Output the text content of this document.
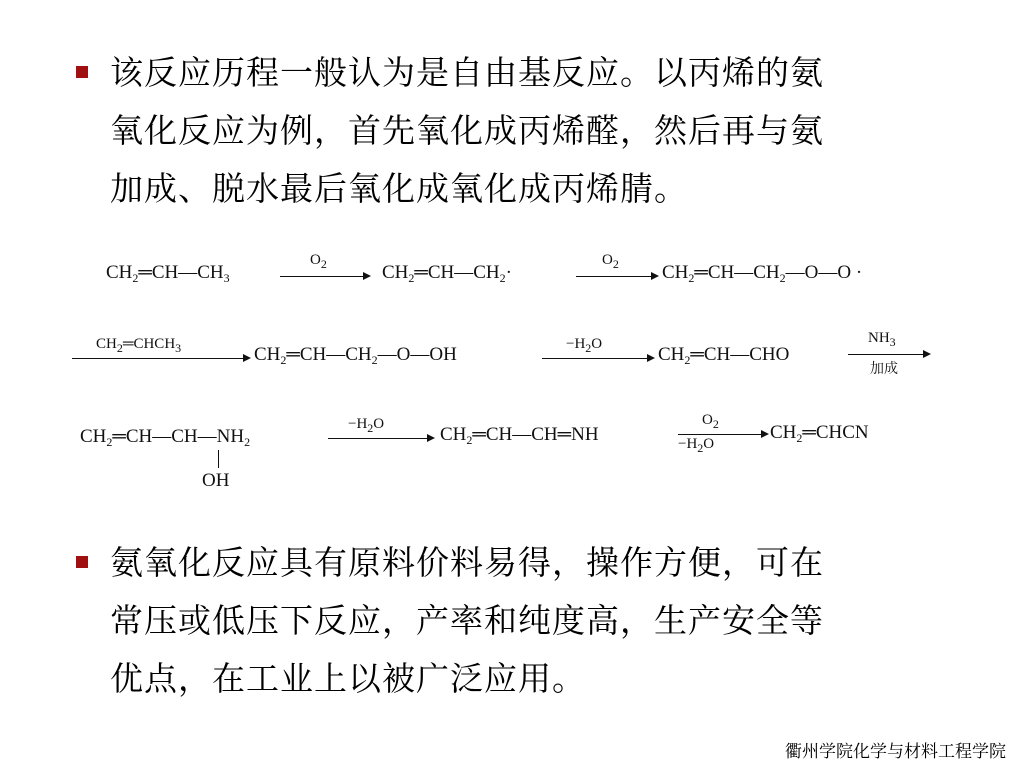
该反应历程一般认为是自由基反应。以丙烯的氨
氧化反应为例，首先氧化成丙烯醛，然后再与氨
加成、脱水最后氧化成氧化成丙烯腈。
$CH_2═CH—CH_3$
$O_2$	$CH_2═CH—CH_2\cdot$
$O_2$ $CH_2═CH—CH_2—O—O$ ·
$CH_2═CHCH_3$	$CH_2═CH—CH_2—O—OH$	$-H_2O$	$CH_2═CH—CHO$
$NH_3$
加成
$CH_2═CH—CH—NH_2$
OH
$-H_2O$	$CH_2═CH—CH═NH$
$O_2$
$-H_2O$
$CH_2═CHCN$
氨氧化反应具有原料价料易得，操作方便，可在
常压或低压下反应，产率和纯度高，生产安全等
优点，在工业上以被广泛应用。
衢州学院化学与材料工程学院
